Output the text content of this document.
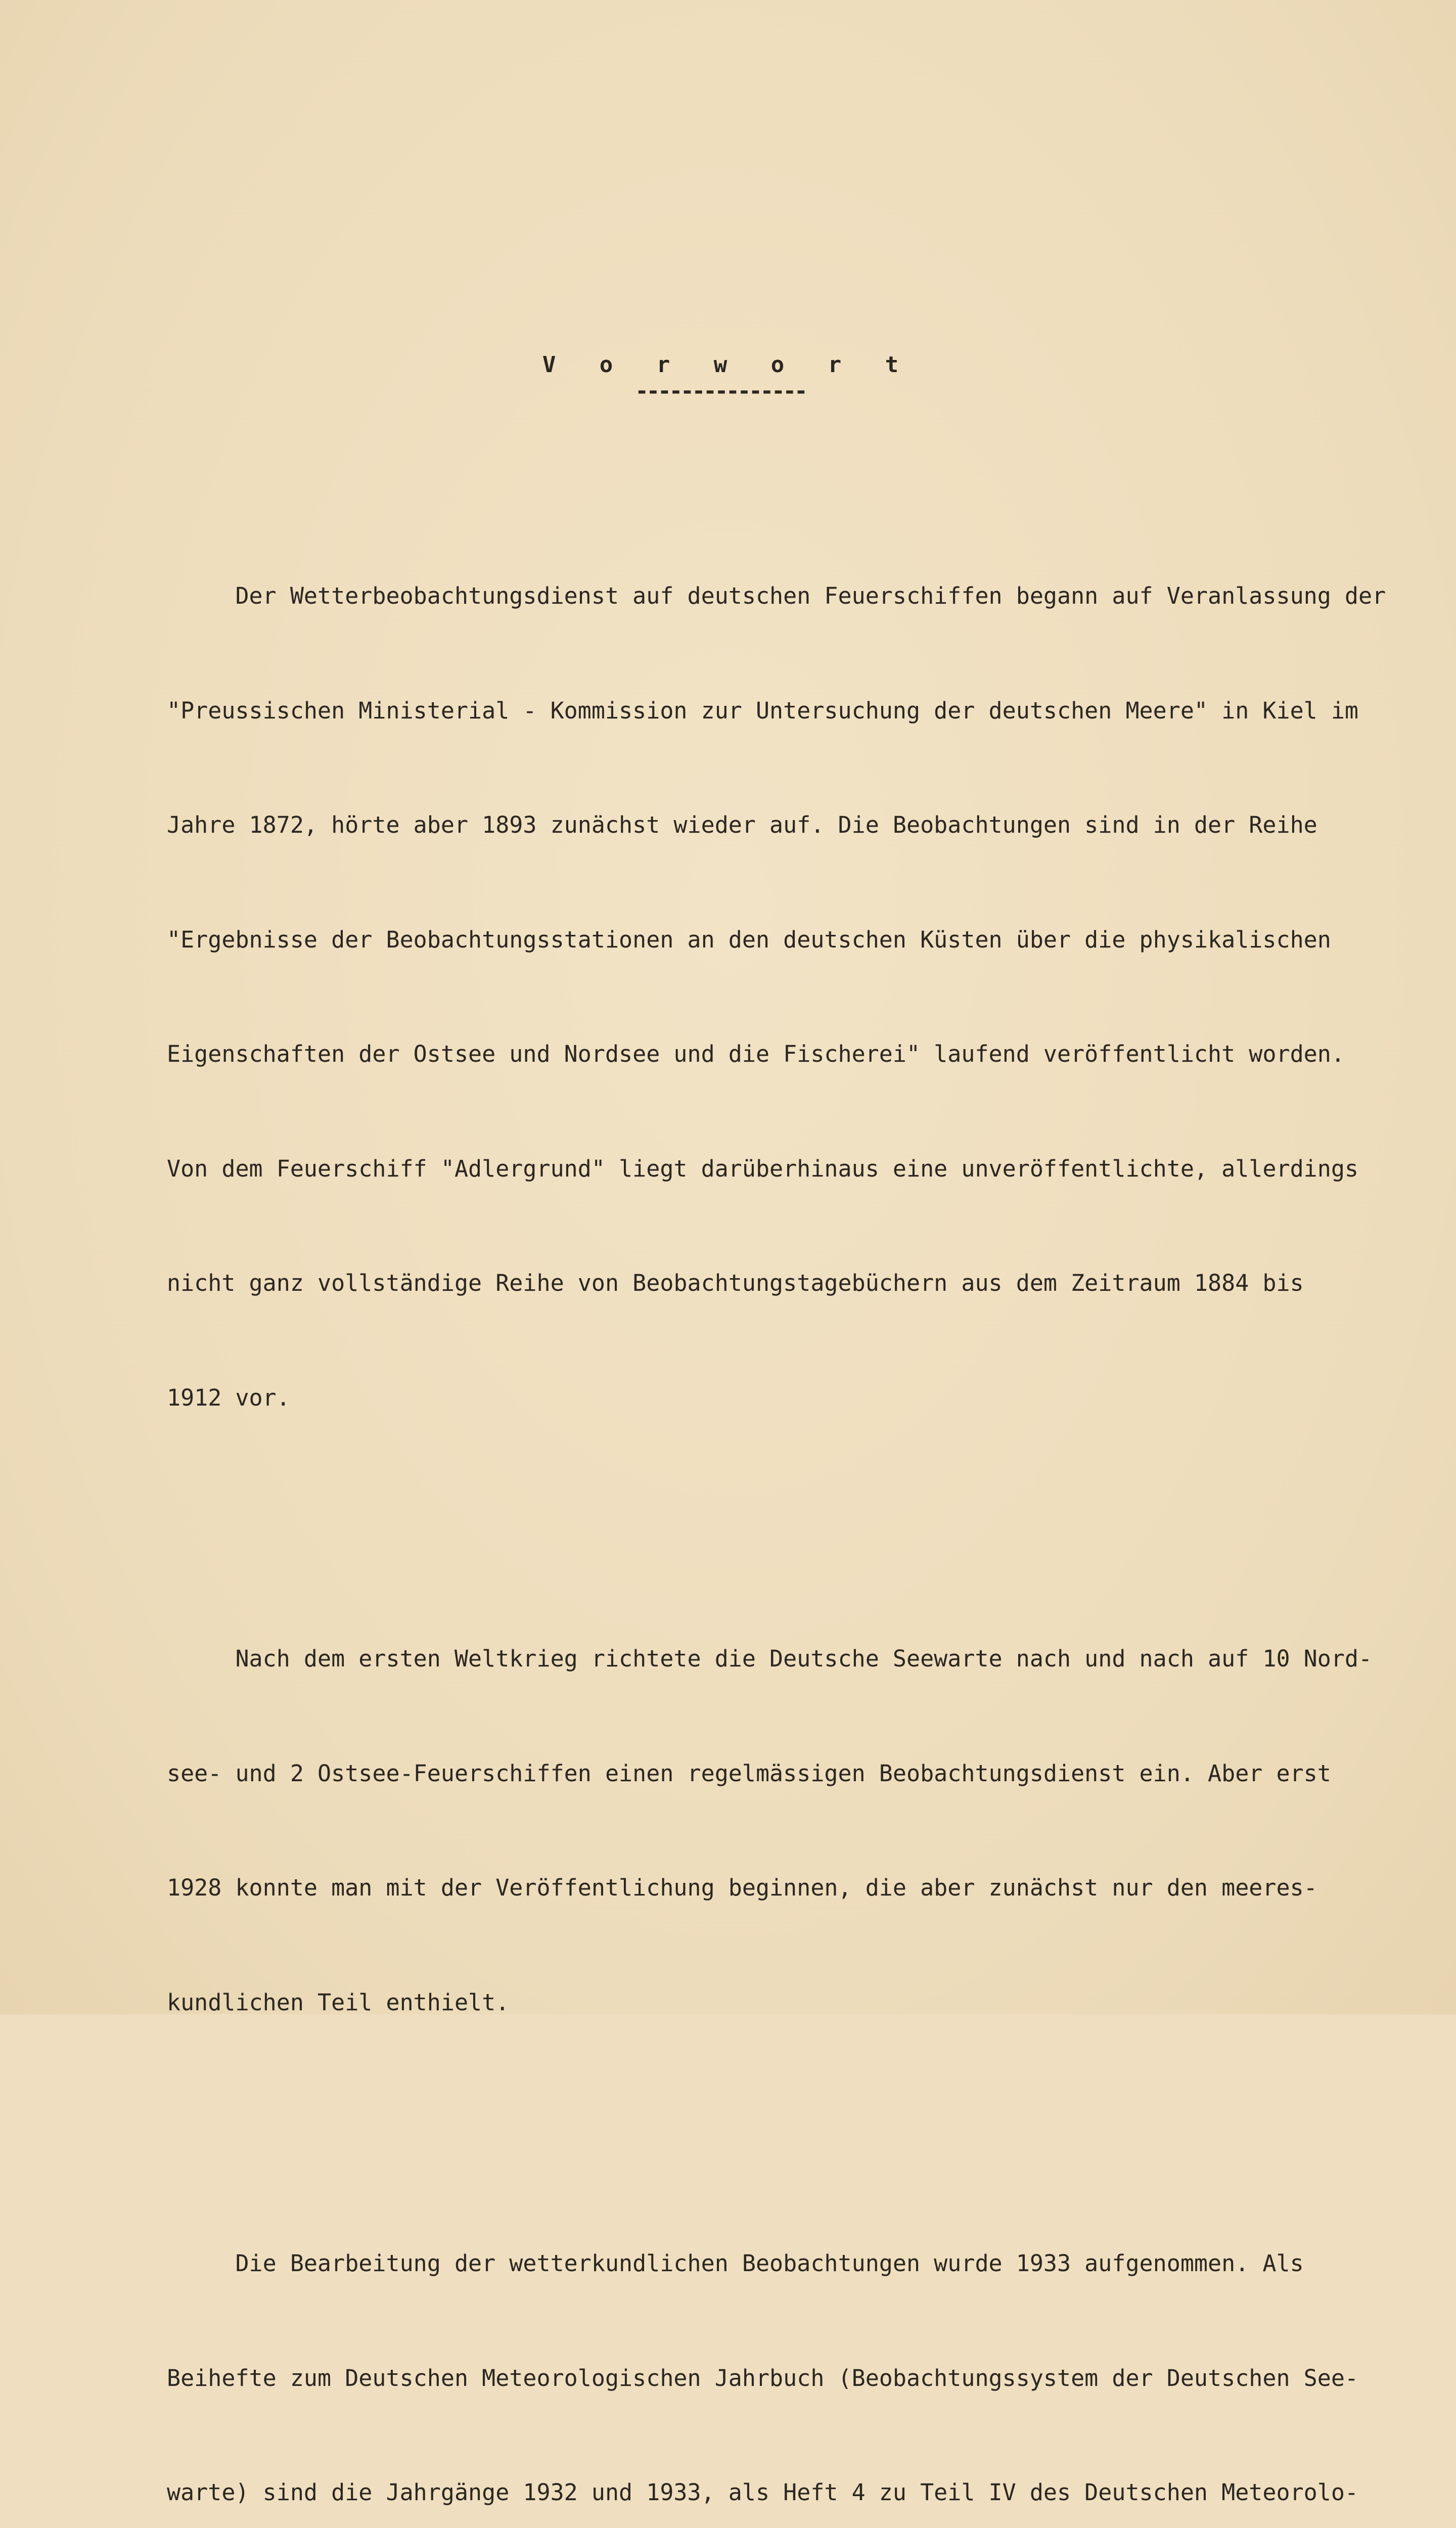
V o r w o r t
---------------

Der Wetterbeobachtungsdienst auf deutschen Feuerschiffen begann auf Veranlassung der

"Preussischen Ministerial - Kommission zur Untersuchung der deutschen Meere" in Kiel im

Jahre 1872, hörte aber 1893 zunächst wieder auf. Die Beobachtungen sind in der Reihe

"Ergebnisse der Beobachtungsstationen an den deutschen Küsten über die physikalischen

Eigenschaften der Ostsee und Nordsee und die Fischerei" laufend veröffentlicht worden.

Von dem Feuerschiff "Adlergrund" liegt darüberhinaus eine unveröffentlichte, allerdings

nicht ganz vollständige Reihe von Beobachtungstagebüchern aus dem Zeitraum 1884 bis

1912 vor.

Nach dem ersten Weltkrieg richtete die Deutsche Seewarte nach und nach auf 10 Nord-

see- und 2 Ostsee-Feuerschiffen einen regelmässigen Beobachtungsdienst ein. Aber erst

1928 konnte man mit der Veröffentlichung beginnen, die aber zunächst nur den meeres-

kundlichen Teil enthielt.

Die Bearbeitung der wetterkundlichen Beobachtungen wurde 1933 aufgenommen. Als

Beihefte zum Deutschen Meteorologischen Jahrbuch (Beobachtungssystem der Deutschen See-

warte) sind die Jahrgänge 1932 und 1933, als Heft 4 zu Teil IV des Deutschen Meteorolo-
